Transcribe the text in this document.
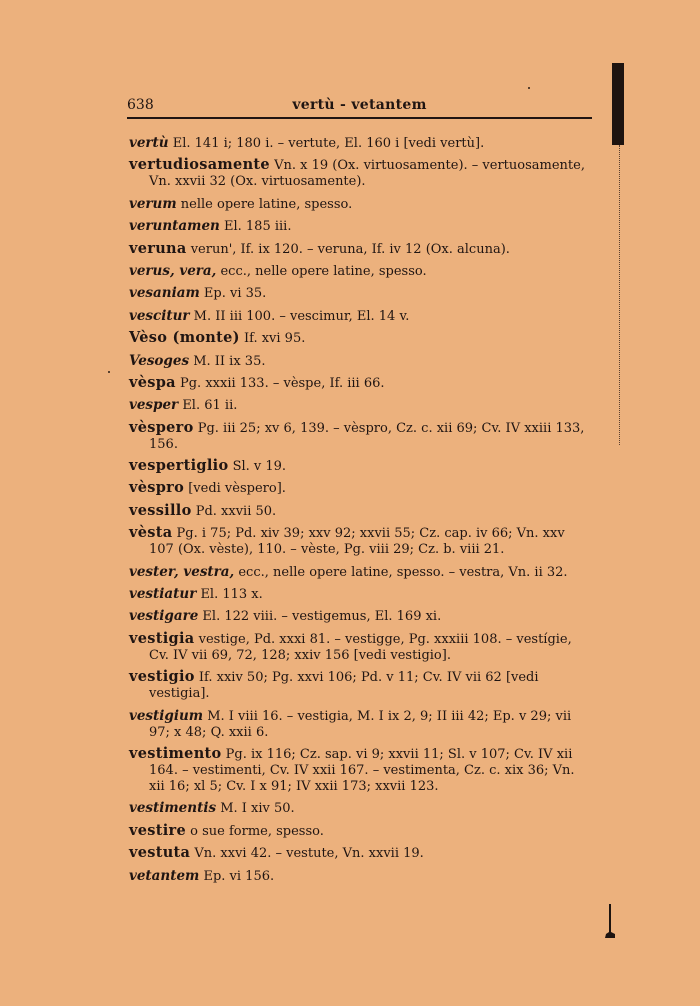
638	vertù - vetantem

vertù El. 141 i; 180 i. – vertute, El. 160 i [vedi vertù].

vertudiosamente Vn. x 19 (Ox. virtuosamente). – vertuosamente, Vn. xxvii 32 (Ox. virtuosamente).

verum nelle opere latine, spesso.

veruntamen El. 185 iii.

veruna verun', If. ix 120. – veruna, If. iv 12 (Ox. alcuna).

verus, vera, ecc., nelle opere latine, spesso.

vesaniam Ep. vi 35.

vescitur M. II iii 100. – vescimur, El. 14 v.

Vèso (monte) If. xvi 95.

Vesoges M. II ix 35.

vèspa Pg. xxxii 133. – vèspe, If. iii 66.

vesper El. 61 ii.

vèspero Pg. iii 25; xv 6, 139. – vèspro, Cz. c. xii 69; Cv. IV xxiii 133, 156.

vespertiglio Sl. v 19.

vèspro [vedi vèspero].

vessillo Pd. xxvii 50.

vèsta Pg. i 75; Pd. xiv 39; xxv 92; xxvii 55; Cz. cap. iv 66; Vn. xxv 107 (Ox. vèste), 110. – vèste, Pg. viii 29; Cz. b. viii 21.

vester, vestra, ecc., nelle opere latine, spesso. – vestra, Vn. ii 32.

vestiatur El. 113 x.

vestigare El. 122 viii. – vestigemus, El. 169 xi.

vestigia vestige, Pd. xxxi 81. – vestigge, Pg. xxxiii 108. – vestígie, Cv. IV vii 69, 72, 128; xxiv 156 [vedi vestigio].

vestigio If. xxiv 50; Pg. xxvi 106; Pd. v 11; Cv. IV vii 62 [vedi vestigia].

vestigium M. I viii 16. – vestigia, M. I ix 2, 9; II iii 42; Ep. v 29; vii 97; x 48; Q. xxii 6.

vestimento Pg. ix 116; Cz. sap. vi 9; xxvii 11; Sl. v 107; Cv. IV xii 164. – vestimenti, Cv. IV xxii 167. – vestimenta, Cz. c. xix 36; Vn. xii 16; xl 5; Cv. I x 91; IV xxii 173; xxvii 123.

vestimentis M. I xiv 50.

vestire o sue forme, spesso.

vestuta Vn. xxvi 42. – vestute, Vn. xxvii 19.

vetantem Ep. vi 156.
